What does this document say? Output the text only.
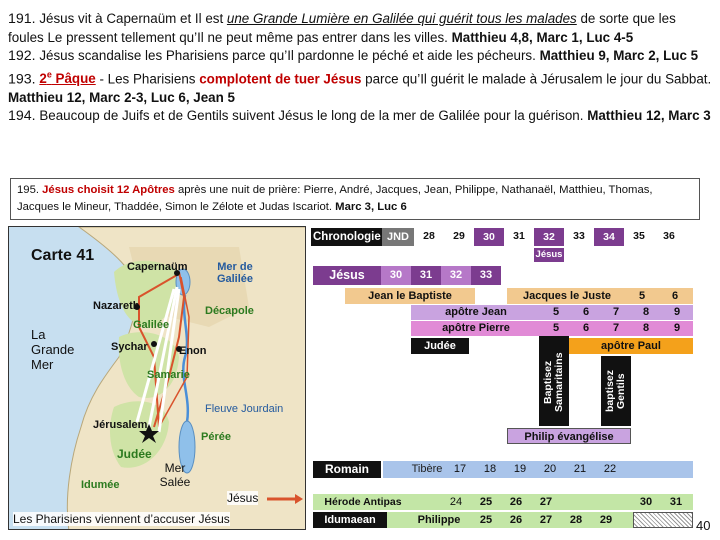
191. Jésus vit à Capernaüm et Il est une Grande Lumière en Galilée qui guérit tous les malades de sorte que les foules Le pressent tellement qu’Il ne peut même pas entrer dans les villes. Matthieu 4,8, Marc 1, Luc 4-5

192. Jésus scandalise les Pharisiens parce qu’Il pardonne le péché et aide les pécheurs. Matthieu 9, Marc 2, Luc 5

193. 2e Pâque - Les Pharisiens complotent de tuer Jésus parce qu’Il guérit le malade à Jérusalem le jour du Sabbat. Matthieu 12, Marc 2-3, Luc 6, Jean 5

194. Beaucoup de Juifs et de Gentils suivent Jésus le long de la mer de Galilée pour la guérison. Matthieu 12, Marc 3

195. Jésus choisit 12 Apôtres après une nuit de prière: Pierre, André, Jacques, Jean, Philippe, Nathanaël, Matthieu, Thomas, Jacques le Mineur, Thaddée, Simon le Zélote et Judas Iscariot. Marc 3, Luc 6
Carte 41
Capernaüm	Mer de Galilée
Nazareth
Galilée
Décapole
La Grande Mer
Sychar	Enon
Samarie
Fleuve Jourdain
Jérusalem
Pérée
Judée
Mer Salée
Idumée
Jésus
Les Pharisiens viennent d’accuser Jésus
Chronologie JND	28	29	30	31	32	33	34	35	36
Jésus
Jésus	30	31	32	33
Jean le Baptiste	Jacques le Juste	5	6
apôtre Jean	5	6	7	8	9
apôtre Pierre	5	6	7	8	9
Judée	apôtre Paul
Baptisez Samaritains	baptisez Gentils
Philip évangélise
Romain	Tibère	17	18	19	20	21	22
Hérode Antipas	24	25	26	27	30	31
Idumaean	Philippe	25	26	27	28	29	40
